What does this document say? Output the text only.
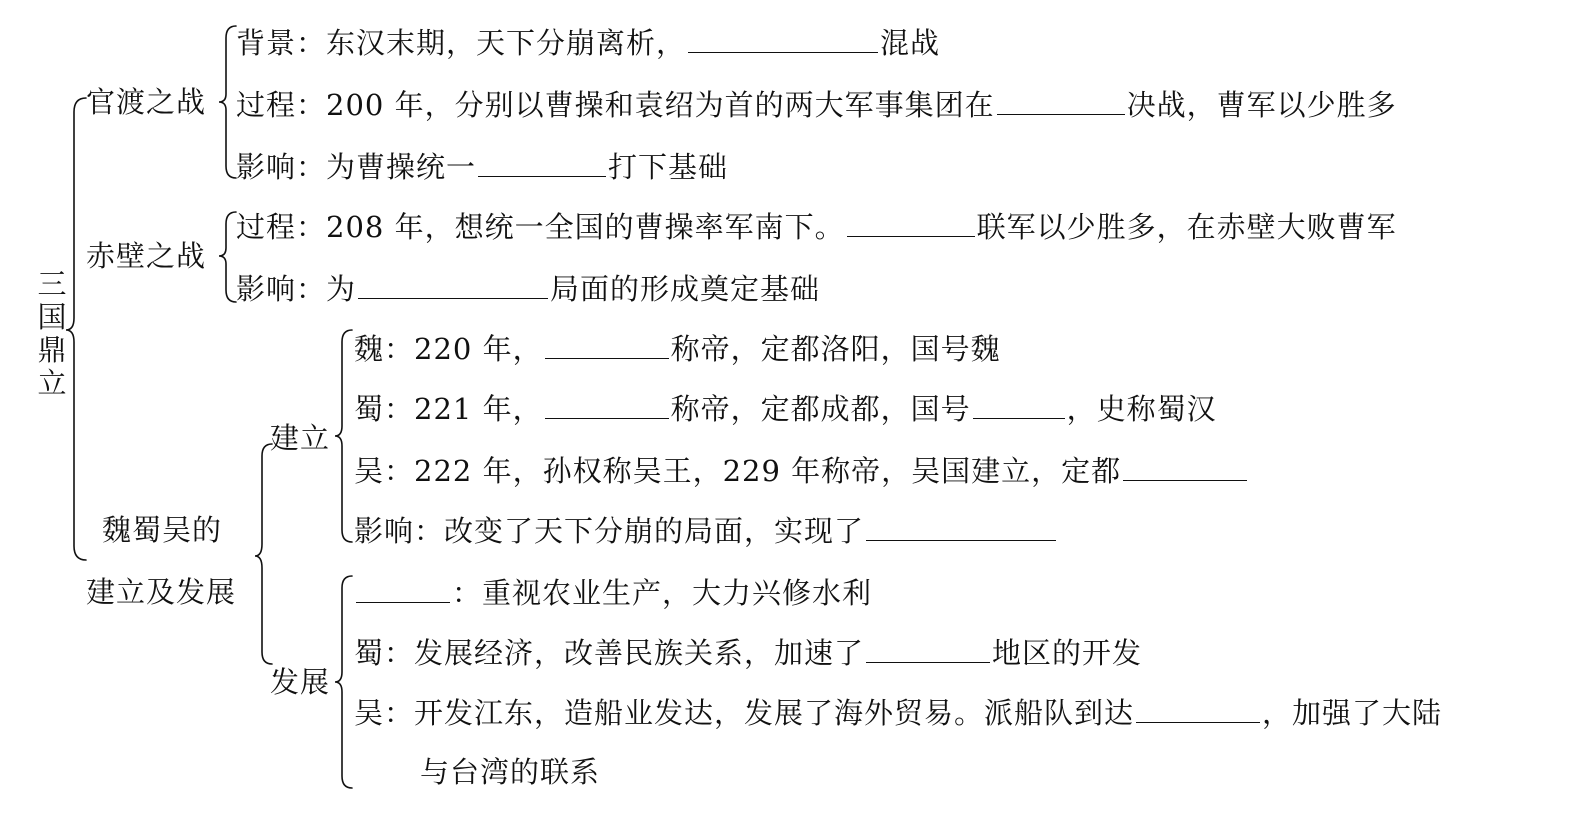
三
国
鼎
立
官渡之战
背景：东汉末期，天下分崩离析，	混战
过程：200 年，分别以曹操和袁绍为首的两大军事集团在	决战，曹军以少胜多
影响：为曹操统一	打下基础
赤壁之战
过程：208 年，想统一全国的曹操率军南下。	联军以少胜多，在赤壁大败曹军
影响：为	局面的形成奠定基础
魏蜀吴的
建立及发展
建立
魏：220 年，	称帝，定都洛阳，国号魏
蜀：221 年，	称帝，定都成都，国号	，史称蜀汉
吴：222 年，孙权称吴王，229 年称帝，吴国建立，定都
影响：改变了天下分崩的局面，实现了
发展
：重视农业生产，大力兴修水利
蜀：发展经济，改善民族关系，加速了	地区的开发
吴：开发江东，造船业发达，发展了海外贸易。派船队到达	，加强了大陆
与台湾的联系
